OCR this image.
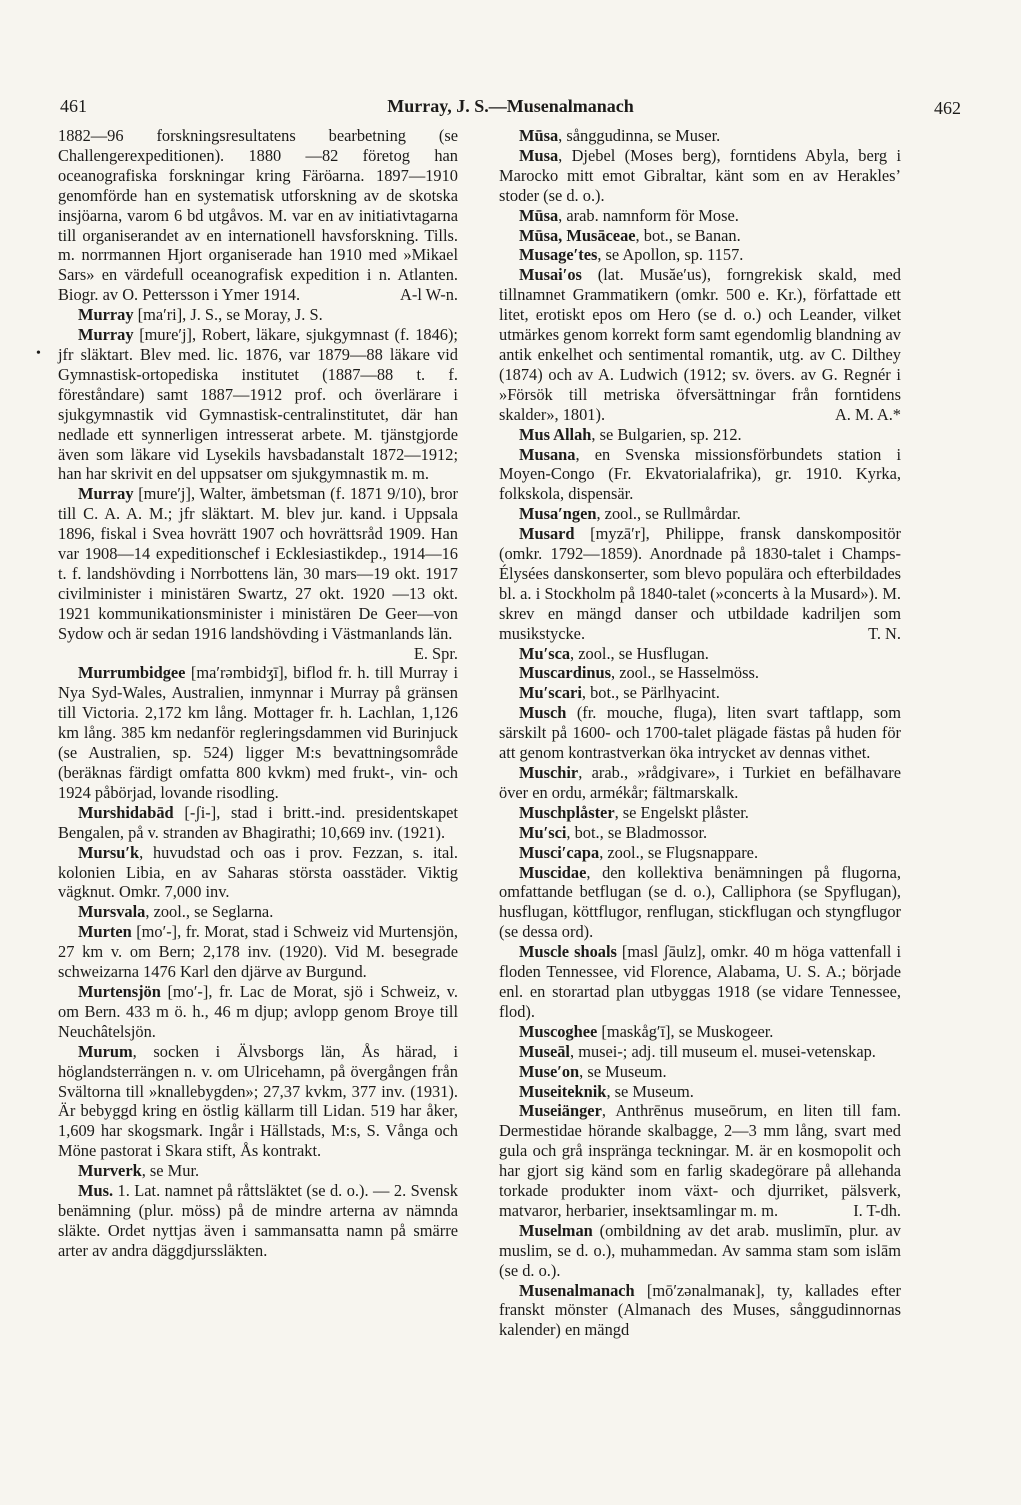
461	Murray, J. S.—Musenalmanach	462
•

1882—96 forskningsresultatens bearbetning (se Challengerexpeditionen). 1880 —82 företog han oceanografiska forskningar kring Färöarna. 1897—1910 genomförde han en systematisk utforskning av de skotska insjöarna, varom 6 bd utgåvos. M. var en av initiativtagarna till organiserandet av en internationell havsforskning. Tills. m. norrmannen Hjort organiserade han 1910 med »Mikael Sars» en värdefull oceanografisk expedition i n. Atlanten. Biogr. av O. Pettersson i Ymer 1914.	A-l W-n.

Murray [ma′ri], J. S., se Moray, J. S.

Murray [mure′j], Robert, läkare, sjukgymnast (f. 1846); jfr släktart. Blev med. lic. 1876, var 1879—88 läkare vid Gymnastisk-ortopediska institutet (1887—88 t. f. föreståndare) samt 1887—1912 prof. och överlärare i sjukgymnastik vid Gymnastisk-centralinstitutet, där han nedlade ett synnerligen intresserat arbete. M. tjänstgjorde även som läkare vid Lysekils havsbadanstalt 1872—1912; han har skrivit en del uppsatser om sjukgymnastik m. m.

Murray [mure′j], Walter, ämbetsman (f. 1871 9/10), bror till C. A. A. M.; jfr släktart. M. blev jur. kand. i Uppsala 1896, fiskal i Svea hovrätt 1907 och hovrättsråd 1909. Han var 1908—14 expeditionschef i Ecklesiastikdep., 1914—16 t. f. landshövding i Norrbottens län, 30 mars—19 okt. 1917 civilminister i ministären Swartz, 27 okt. 1920 —13 okt. 1921 kommunikationsminister i ministären De Geer—von Sydow och är sedan 1916 landshövding i Västmanlands län.
E. Spr.

Murrumbidgee [ma′rəmbidʒī], biflod fr. h. till Murray i Nya Syd-Wales, Australien, inmynnar i Murray på gränsen till Victoria. 2,172 km lång. Mottager fr. h. Lachlan, 1,126 km lång. 385 km nedanför regleringsdammen vid Burinjuck (se Australien, sp. 524) ligger M:s bevattningsområde (beräknas färdigt omfatta 800 kvkm) med frukt-, vin- och 1924 påbörjad, lovande risodling.

Murshidabād [-ʃi-], stad i britt.-ind. presidentskapet Bengalen, på v. stranden av Bhagirathi; 10,669 inv. (1921).

Mursu′k, huvudstad och oas i prov. Fezzan, s. ital. kolonien Libia, en av Saharas största oasstäder. Viktig vägknut. Omkr. 7,000 inv.

Mursvala, zool., se Seglarna.

Murten [mo′-], fr. Morat, stad i Schweiz vid Murtensjön, 27 km v. om Bern; 2,178 inv. (1920). Vid M. besegrade schweizarna 1476 Karl den djärve av Burgund.

Murtensjön [mo′-], fr. Lac de Morat, sjö i Schweiz, v. om Bern. 433 m ö. h., 46 m djup; avlopp genom Broye till Neuchâtelsjön.

Murum, socken i Älvsborgs län, Ås härad, i höglandsterrängen n. v. om Ulricehamn, på övergången från Svältorna till »knallebygden»; 27,37 kvkm, 377 inv. (1931). Är bebyggd kring en östlig källarm till Lidan. 519 har åker, 1,609 har skogsmark. Ingår i Hällstads, M:s, S. Vånga och Möne pastorat i Skara stift, Ås kontrakt.

Murverk, se Mur.

Mus. 1. Lat. namnet på råttsläktet (se d. o.). — 2. Svensk benämning (plur. möss) på de mindre arterna av nämnda släkte. Ordet nyttjas även i sammansatta namn på smärre arter av andra däggdjurssläkten.

Mūsa, sånggudinna, se Muser.

Musa, Djebel (Moses berg), forntidens Abyla, berg i Marocko mitt emot Gibraltar, känt som en av Herakles’ stoder (se d. o.).

Mūsa, arab. namnform för Mose.

Mūsa, Musāceae, bot., se Banan.

Musage′tes, se Apollon, sp. 1157.

Musai′os (lat. Musăe′us), forngrekisk skald, med tillnamnet Grammatikern (omkr. 500 e. Kr.), författade ett litet, erotiskt epos om Hero (se d. o.) och Leander, vilket utmärkes genom korrekt form samt egendomlig blandning av antik enkelhet och sentimental romantik, utg. av C. Dilthey (1874) och av A. Ludwich (1912; sv. övers. av G. Regnér i »Försök till metriska öfversättningar från forntidens skalder», 1801).	A. M. A.*

Mus Allah, se Bulgarien, sp. 212.

Musana, en Svenska missionsförbundets station i Moyen-Congo (Fr. Ekvatorialafrika), gr. 1910. Kyrka, folkskola, dispensär.

Musa′ngen, zool., se Rullmårdar.

Musard [myzā′r], Philippe, fransk danskompositör (omkr. 1792—1859). Anordnade på 1830-talet i Champs-Élysées danskonserter, som blevo populära och efterbildades bl. a. i Stockholm på 1840-talet (»concerts à la Musard»). M. skrev en mängd danser och utbildade kadriljen som musikstycke.	T. N.

Mu′sca, zool., se Husflugan.

Muscardinus, zool., se Hasselmöss.

Mu′scari, bot., se Pärlhyacint.

Musch (fr. mouche, fluga), liten svart taftlapp, som särskilt på 1600- och 1700-talet plägade fästas på huden för att genom kontrastverkan öka intrycket av dennas vithet.

Muschir, arab., »rådgivare», i Turkiet en befälhavare över en ordu, armékår; fältmarskalk.

Muschplåster, se Engelskt plåster.

Mu′sci, bot., se Bladmossor.

Musci′capa, zool., se Flugsnappare.

Muscidae, den kollektiva benämningen på flugorna, omfattande betflugan (se d. o.), Calliphora (se Spyflugan), husflugan, köttflugor, renflugan, stickflugan och styngflugor (se dessa ord).

Muscle shoals [masl ʃāulz], omkr. 40 m höga vattenfall i floden Tennessee, vid Florence, Alabama, U. S. A.; började enl. en storartad plan utbyggas 1918 (se vidare Tennessee, flod).

Muscoghee [maskåg′ī], se Muskogeer.

Museāl, musei-; adj. till museum el. musei-vetenskap.

Muse′on, se Museum.

Museiteknik, se Museum.

Museiänger, Anthrēnus museōrum, en liten till fam. Dermestidae hörande skalbagge, 2—3 mm lång, svart med gula och grå inspränga teckningar. M. är en kosmopolit och har gjort sig känd som en farlig skadegörare på allehanda torkade produkter inom växt- och djurriket, pälsverk, matvaror, herbarier, insektsamlingar m. m.	I. T-dh.

Muselman (ombildning av det arab. muslimīn, plur. av muslim, se d. o.), muhammedan. Av samma stam som islām (se d. o.).

Musenalmanach [mō′zənalmanak], ty, kallades efter franskt mönster (Almanach des Muses, sånggudinnornas kalender) en mängd
